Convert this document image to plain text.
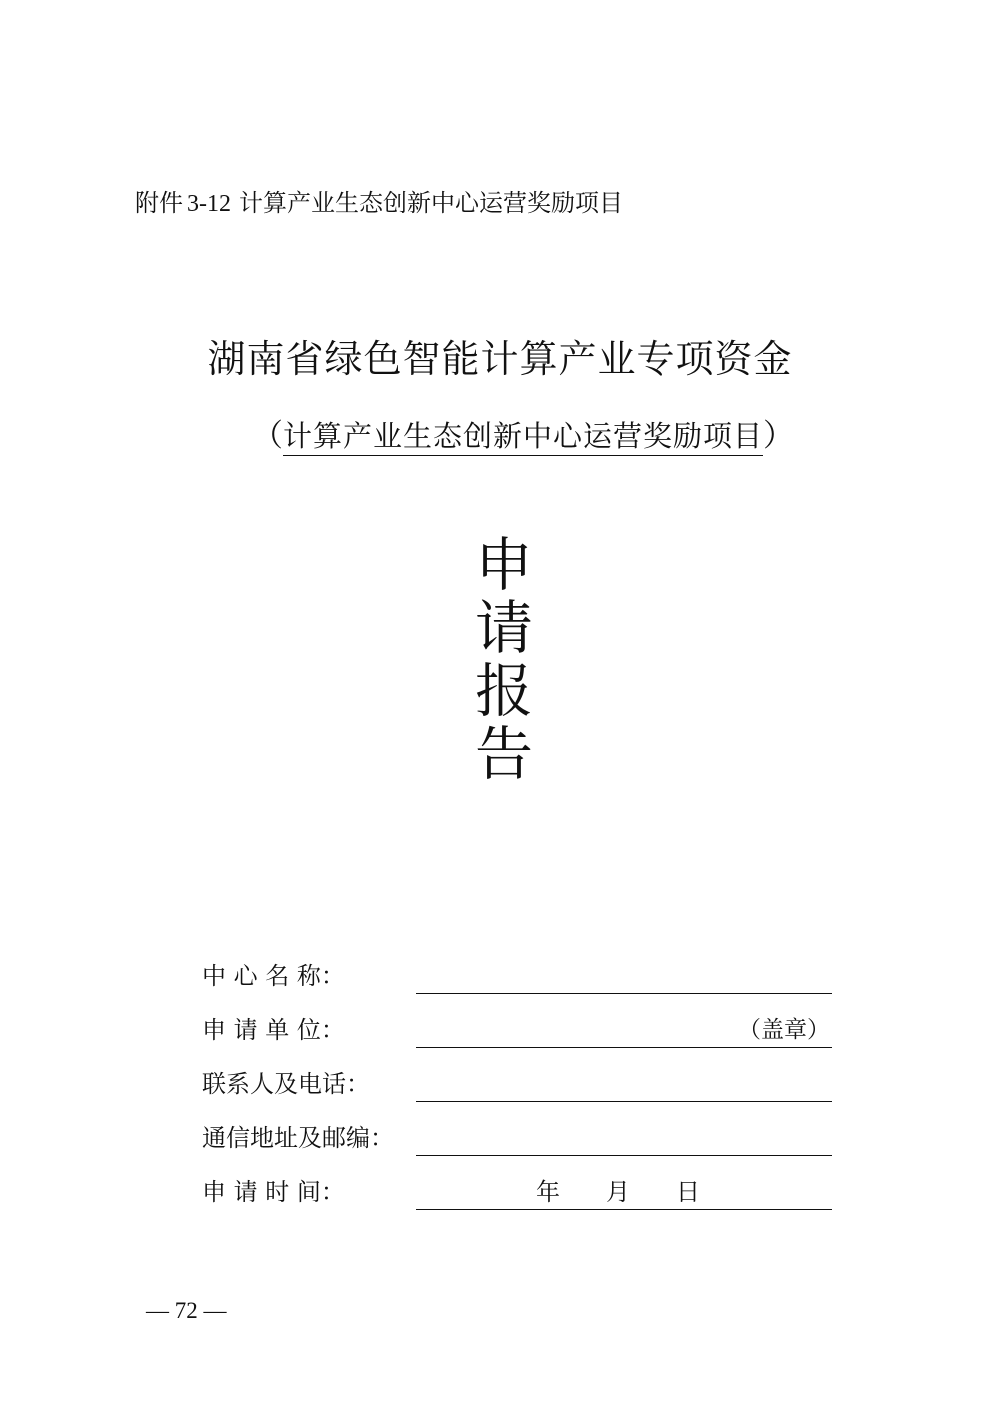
附件 3-12 计算产业生态创新中心运营奖励项目
湖南省绿色智能计算产业专项资金
（计算产业生态创新中心运营奖励项目）
申
请
报
告
中 心 名 称：
申 请 单 位：	（盖章）
联系人及电话：
通信地址及邮编：
申 请 时 间：	年 月 日
— 72 —
